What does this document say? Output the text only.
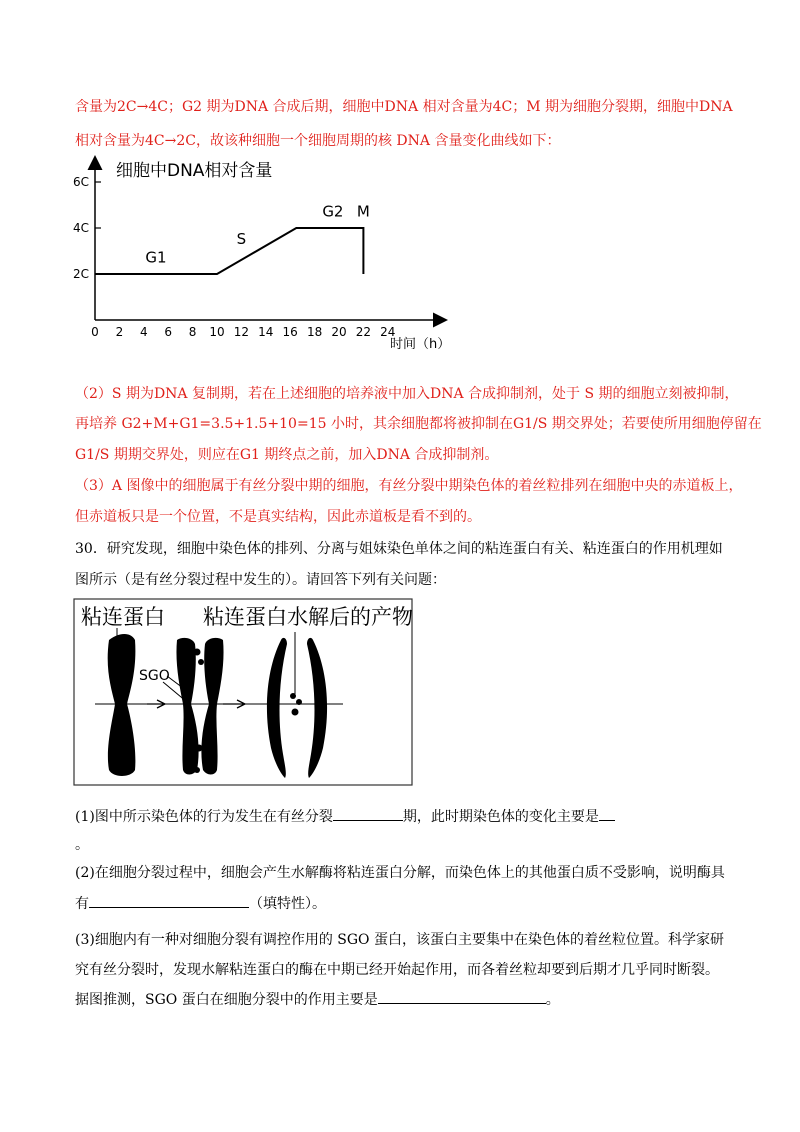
含量为2C→4C；G2 期为DNA 合成后期，细胞中DNA 相对含量为4C；M 期为细胞分裂期，细胞中DNA
相对含量为4C→2C，故该种细胞一个细胞周期的核 DNA 含量变化曲线如下：
细胞中DNA相对含量
0 2 4 6 8 10 12 14 16 18 20 22 24
2C
4C
6C
G1
S
G2 M
时间（h）
（2）S 期为DNA 复制期，若在上述细胞的培养液中加入DNA 合成抑制剂，处于 S 期的细胞立刻被抑制，
再培养 G2+M+G1=3.5+1.5+10=15 小时，其余细胞都将被抑制在G1/S 期交界处；若要使所用细胞停留在
G1/S 期期交界处，则应在G1 期终点之前，加入DNA 合成抑制剂。
（3）A 图像中的细胞属于有丝分裂中期的细胞，有丝分裂中期染色体的着丝粒排列在细胞中央的赤道板上，
但赤道板只是一个位置，不是真实结构，因此赤道板是看不到的。
30．研究发现，细胞中染色体的排列、分离与姐妹染色单体之间的粘连蛋白有关、粘连蛋白的作用机理如
图所示（是有丝分裂过程中发生的）。请回答下列有关问题：
粘连蛋白 粘连蛋白水解后的产物
SGO
(1)图中所示染色体的行为发生在有丝分裂	期，此时期染色体的变化主要是
。
(2)在细胞分裂过程中，细胞会产生水解酶将粘连蛋白分解，而染色体上的其他蛋白质不受影响，说明酶具
有	（填特性）。
(3)细胞内有一种对细胞分裂有调控作用的 SGO 蛋白，该蛋白主要集中在染色体的着丝粒位置。科学家研
究有丝分裂时，发现水解粘连蛋白的酶在中期已经开始起作用，而各着丝粒却要到后期才几乎同时断裂。
据图推测，SGO 蛋白在细胞分裂中的作用主要是	。
